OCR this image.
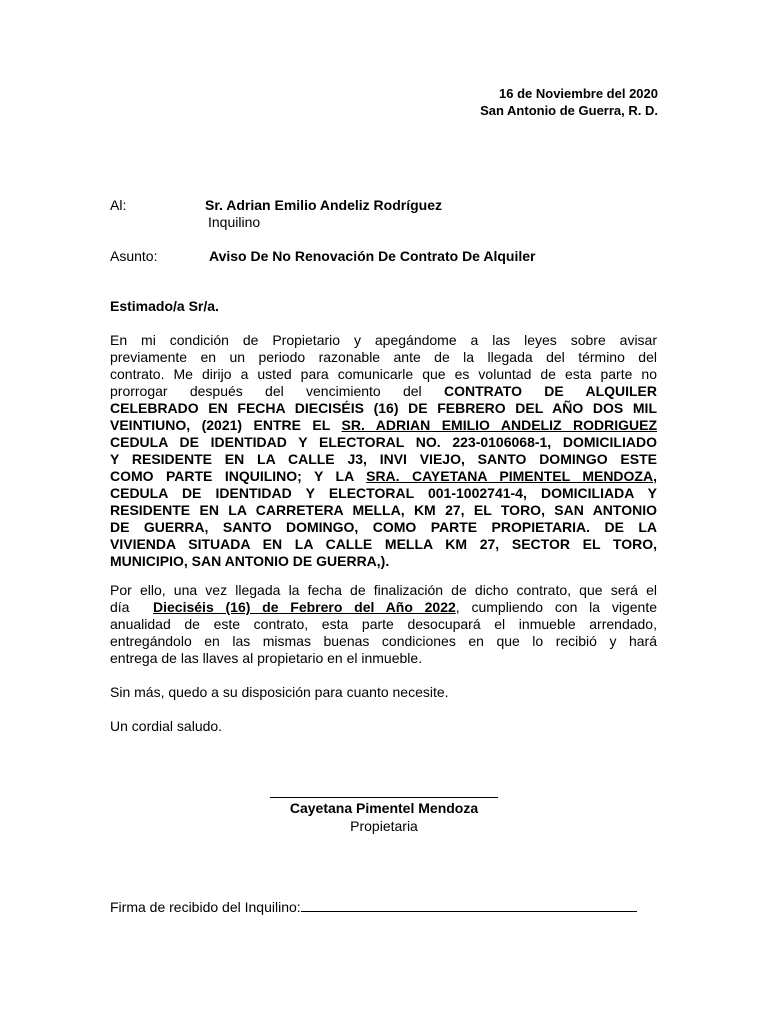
16 de Noviembre del 2020
San Antonio de Guerra, R. D.
Al:	Sr. Adrian Emilio Andeliz Rodríguez
Inquilino
Asunto:	Aviso De No Renovación De Contrato De Alquiler
Estimado/a Sr/a.
En mi condición de Propietario y apegándome a las leyes sobre avisar
previamente en un periodo razonable ante de la llegada del término del
contrato. Me dirijo a usted para comunicarle que es voluntad de esta parte no
prorrogar después del vencimiento del CONTRATO DE ALQUILER
CELEBRADO EN FECHA DIECISÉIS (16) DE FEBRERO DEL AÑO DOS MIL
VEINTIUNO, (2021) ENTRE EL SR. ADRIAN EMILIO ANDELIZ RODRIGUEZ
CEDULA DE IDENTIDAD Y ELECTORAL NO. 223-0106068-1, DOMICILIADO
Y RESIDENTE EN LA CALLE J3, INVI VIEJO, SANTO DOMINGO ESTE
COMO PARTE INQUILINO; Y LA SRA. CAYETANA PIMENTEL MENDOZA,
CEDULA DE IDENTIDAD Y ELECTORAL 001-1002741-4, DOMICILIADA Y
RESIDENTE EN LA CARRETERA MELLA, KM 27, EL TORO, SAN ANTONIO
DE GUERRA, SANTO DOMINGO, COMO PARTE PROPIETARIA. DE LA
VIVIENDA SITUADA EN LA CALLE MELLA KM 27, SECTOR EL TORO,
MUNICIPIO, SAN ANTONIO DE GUERRA,).
Por ello, una vez llegada la fecha de finalización de dicho contrato, que será el
día Dieciséis (16) de Febrero del Año 2022, cumpliendo con la vigente
anualidad de este contrato, esta parte desocupará el inmueble arrendado,
entregándolo en las mismas buenas condiciones en que lo recibió y hará
entrega de las llaves al propietario en el inmueble.
Sin más, quedo a su disposición para cuanto necesite.
Un cordial saludo.
Cayetana Pimentel Mendoza
Propietaria
Firma de recibido del Inquilino:
